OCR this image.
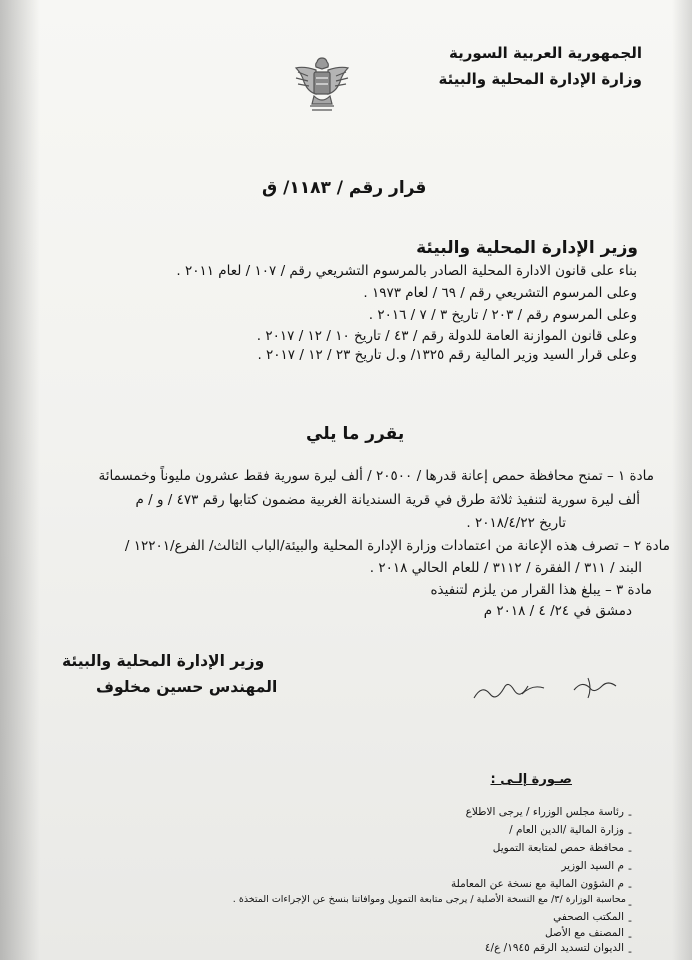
الجمهورية العربية السورية
وزارة الإدارة المحلية والبيئة
قرار رقم / ١١٨٣/ ق
وزير الإدارة المحلية والبيئة
بناء على قانون الادارة المحلية الصادر بالمرسوم التشريعي رقم / ١٠٧ / لعام ٢٠١١ .
وعلى المرسوم التشريعي رقم / ٦٩ / لعام ١٩٧٣ .
وعلى المرسوم رقم / ٢٠٣ / تاريخ ٣ / ٧ / ٢٠١٦ .
وعلى قانون الموازنة العامة للدولة رقم / ٤٣ / تاريخ ١٠ / ١٢ / ٢٠١٧ .
وعلى قرار السيد وزير المالية رقم ١٣٢٥/ و.ل تاريخ ٢٣ / ١٢ / ٢٠١٧ .
يقرر ما يلي
مادة ١ – تمنح محافظة حمص إعانة قدرها / ٢٠٥٠٠ / ألف ليرة سورية فقط عشرون مليوناً وخمسمائة
ألف ليرة سورية لتنفيذ ثلاثة طرق في قرية السنديانة الغربية مضمون كتابها رقم ٤٧٣ / و / م
تاريخ ٢٠١٨/٤/٢٢ .
مادة ٢ – تصرف هذه الإعانة من اعتمادات وزارة الإدارة المحلية والبيئة/الباب الثالث/ الفرع/١٢٢٠١ /
البند / ٣١١ / الفقرة / ٣١١٢ / للعام الحالي ٢٠١٨ .
مادة ٣ – يبلغ هذا القرار من يلزم لتنفيذه
دمشق في ٢٤/ ٤ / ٢٠١٨ م
وزير الإدارة المحلية والبيئة
المهندس حسين مخلوف
صـورة إلـى :
-
رئاسة مجلس الوزراء / يرجى الاطلاع
-
وزارة المالية /الدين العام /
-
محافظة حمص لمتابعة التمويل
-
م السيد الوزير
-
م الشؤون المالية مع نسخة عن المعاملة
-
محاسبة الوزارة /٣/ مع النسخة الأصلية / يرجى متابعة التمويل وموافاتنا بنسخ عن الإجراءات المتخذة .
-
المكتب الصحفي
-
المصنف مع الأصل
-
الديوان لتسديد الرقم ١٩٤٥/ ع/٤
